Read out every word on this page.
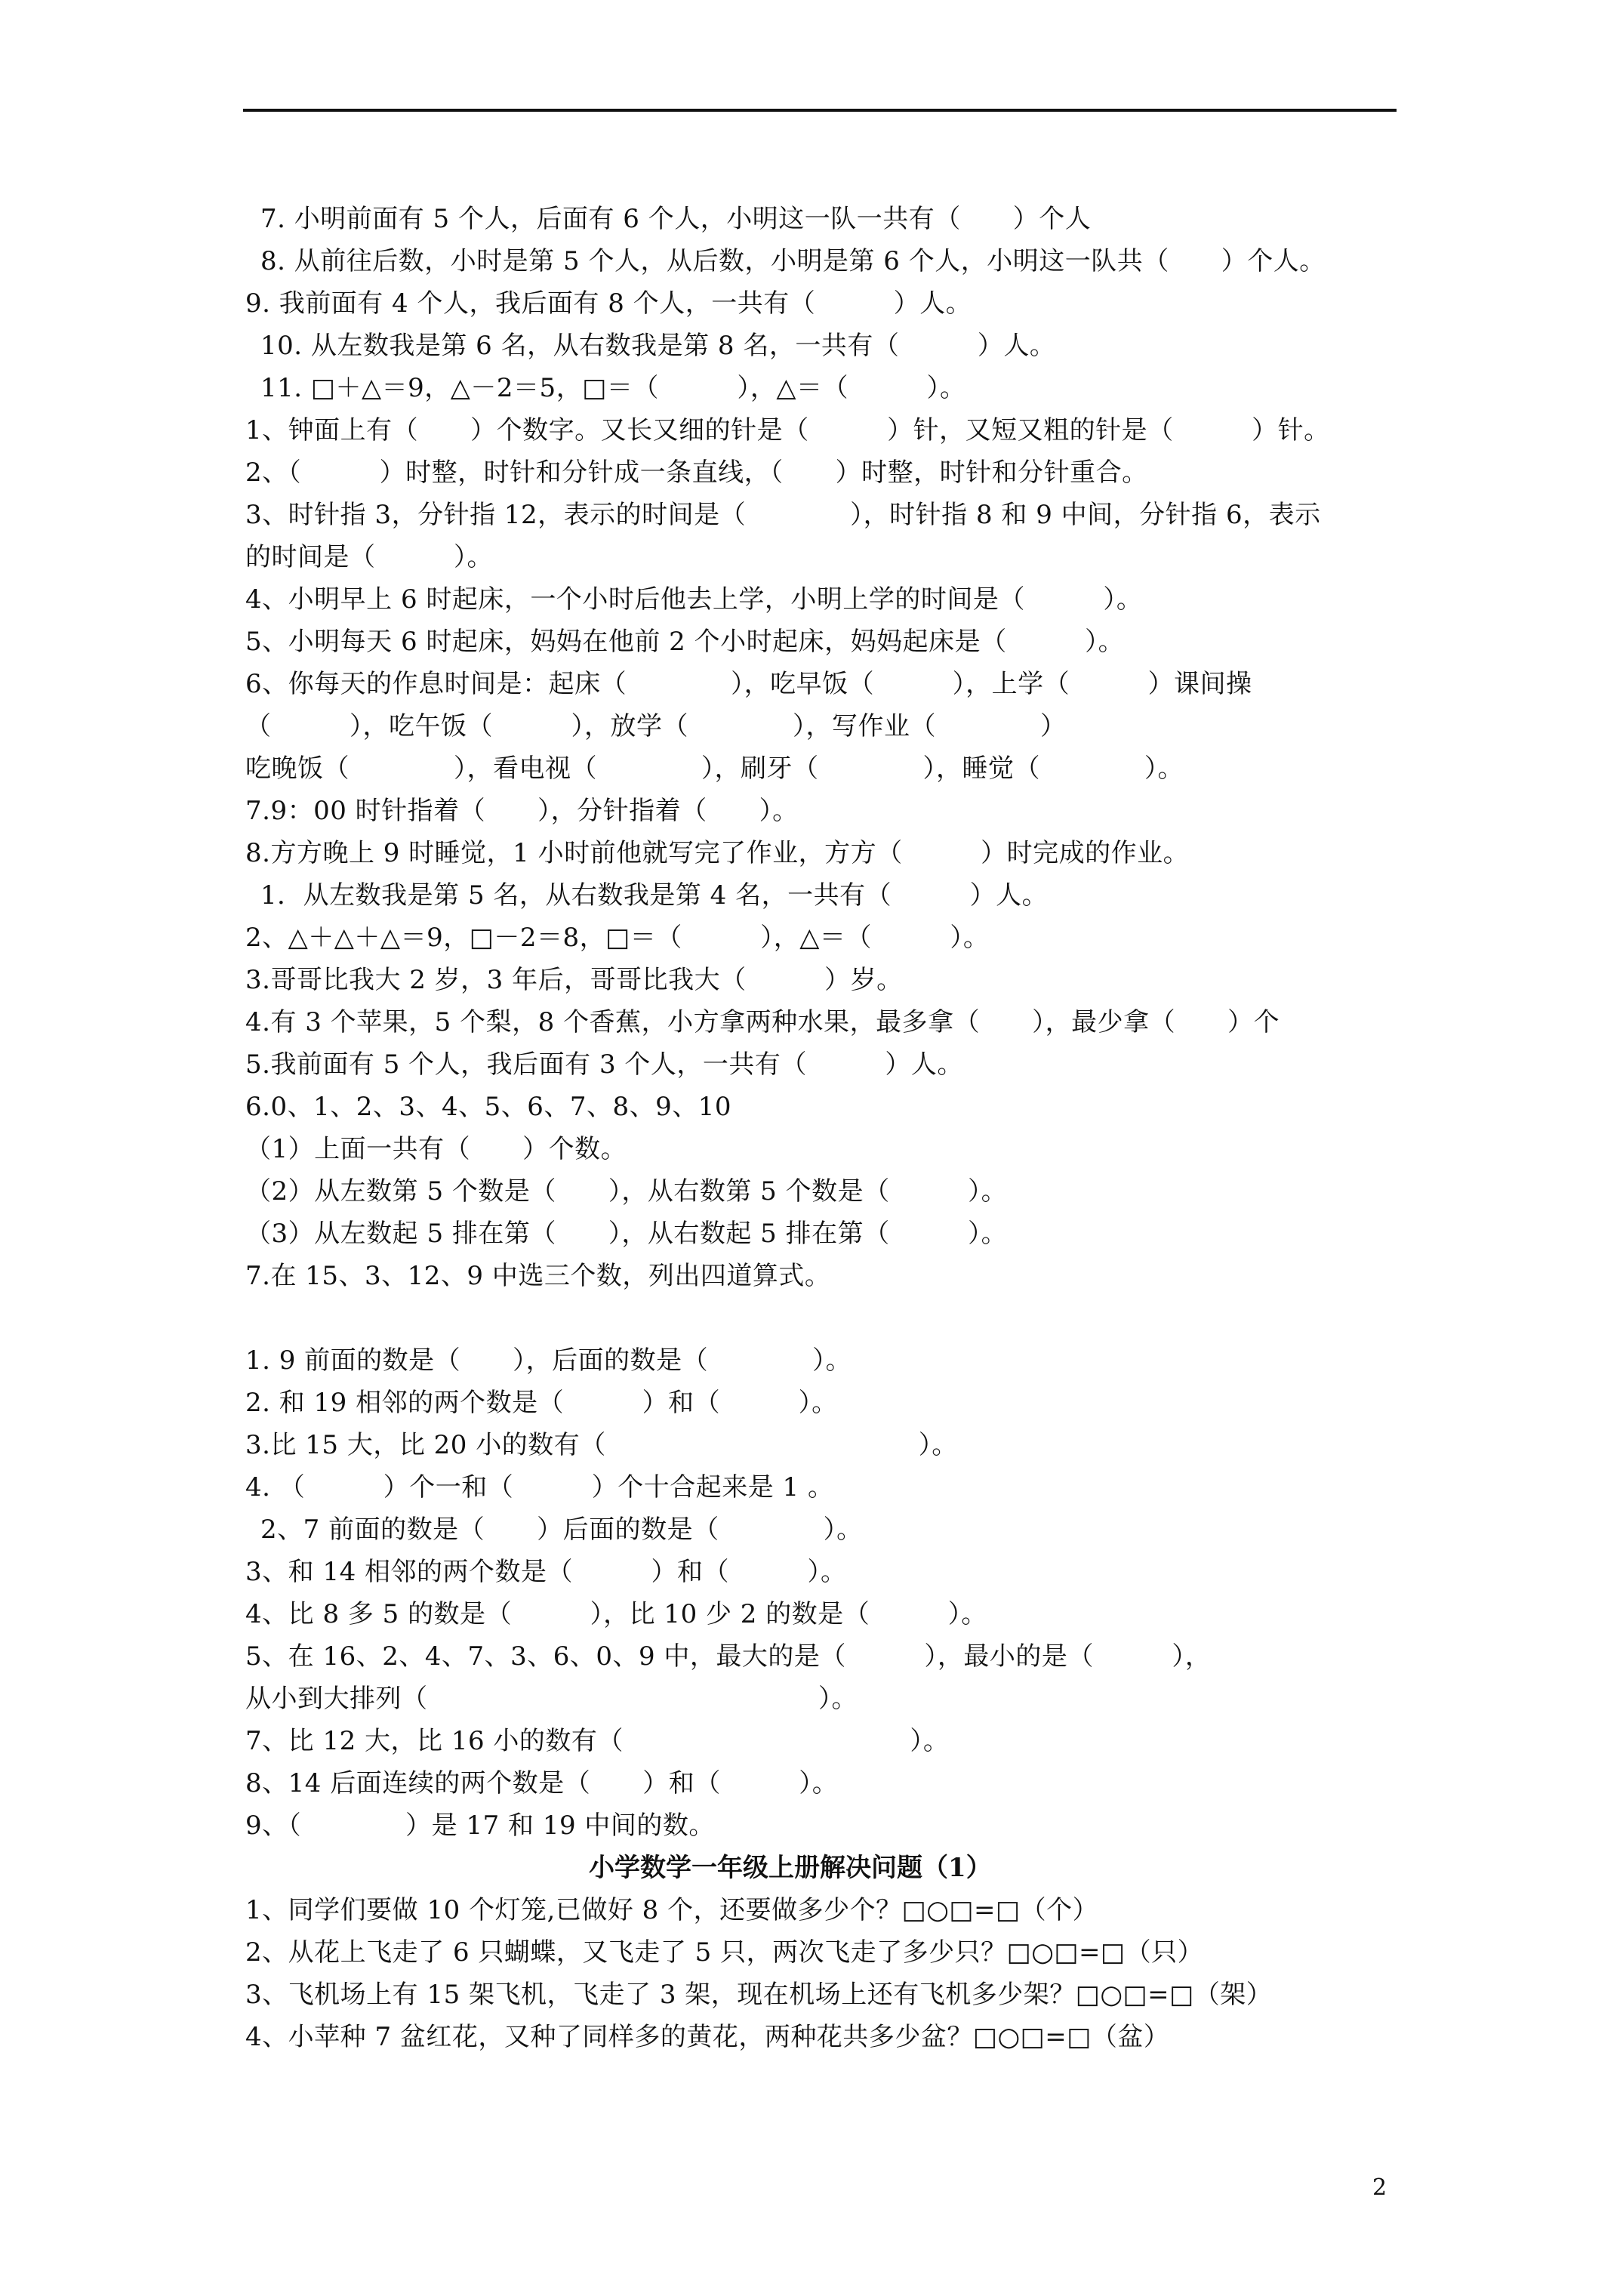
7. 小明前面有 5 个人，后面有 6 个人，小明这一队一共有（　　）个人
8. 从前往后数，小时是第 5 个人，从后数，小明是第 6 个人，小明这一队共（　　）个人。
9. 我前面有 4 个人，我后面有 8 个人，一共有（　　　）人。
10. 从左数我是第 6 名，从右数我是第 8 名，一共有（　　　）人。
11. □＋△＝9，△－2＝5，□＝（　　　），△＝（　　　）。
1、钟面上有（　　）个数字。又长又细的针是（　　　）针，又短又粗的针是（　　　）针。
2、（　　　）时整，时针和分针成一条直线，（　　）时整，时针和分针重合。
3、时针指 3，分针指 12，表示的时间是（　　　　），时针指 8 和 9 中间，分针指 6，表示
的时间是（　　　）。
4、小明早上 6 时起床，一个小时后他去上学，小明上学的时间是（　　　）。
5、小明每天 6 时起床，妈妈在他前 2 个小时起床，妈妈起床是（　　　）。
6、你每天的作息时间是：起床（　　　　），吃早饭（　　　），上学（　　　）课间操
（　　　），吃午饭（　　　），放学（　　　　），写作业（　　　　）
吃晚饭（　　　　），看电视（　　　　），刷牙（　　　　），睡觉（　　　　）。
7.9：00 时针指着（　　），分针指着（　　）。
8.方方晚上 9 时睡觉，1 小时前他就写完了作业，方方（　　　）时完成的作业。
1．从左数我是第 5 名，从右数我是第 4 名，一共有（　　　）人。
2、△＋△＋△＝9，□－2＝8，□＝（　　　），△＝（　　　）。
3.哥哥比我大 2 岁，3 年后，哥哥比我大（　　　）岁。
4.有 3 个苹果，5 个梨，8 个香蕉，小方拿两种水果，最多拿（　　），最少拿（　　）个
5.我前面有 5 个人，我后面有 3 个人，一共有（　　　）人。
6.0、1、2、3、4、5、6、7、8、9、10
（1）上面一共有（　　）个数。
（2）从左数第 5 个数是（　　），从右数第 5 个数是（　　　）。
（3）从左数起 5 排在第（　　），从右数起 5 排在第（　　　）。
7.在 15、3、12、9 中选三个数，列出四道算式。
1. 9 前面的数是（　　），后面的数是（　　　　）。
2. 和 19 相邻的两个数是（　　　）和（　　　）。
3.比 15 大，比 20 小的数有（　　　　　　　　　　　　）。
4. （　　　）个一和（　　　）个十合起来是 1 。
2、7 前面的数是（　　）后面的数是（　　　　）。
3、和 14 相邻的两个数是（　　　）和（　　　）。
4、比 8 多 5 的数是（　　　），比 10 少 2 的数是（　　　）。
5、在 16、2、4、7、3、6、0、9 中，最大的是（　　　），最小的是（　　　），
从小到大排列（　　　　　　　　　　　　　　　）。
7、比 12 大，比 16 小的数有（　　　　　　　　　　　）。
8、14 后面连续的两个数是（　　）和（　　　）。
9、（　　　　）是 17 和 19 中间的数。
小学数学一年级上册解决问题（1）
1、同学们要做 10 个灯笼,已做好 8 个，还要做多少个？□○□=□（个）
2、从花上飞走了 6 只蝴蝶，又飞走了 5 只，两次飞走了多少只？□○□=□（只）
3、飞机场上有 15 架飞机，飞走了 3 架，现在机场上还有飞机多少架？□○□=□（架）
4、小苹种 7 盆红花，又种了同样多的黄花，两种花共多少盆？□○□=□（盆）
2
